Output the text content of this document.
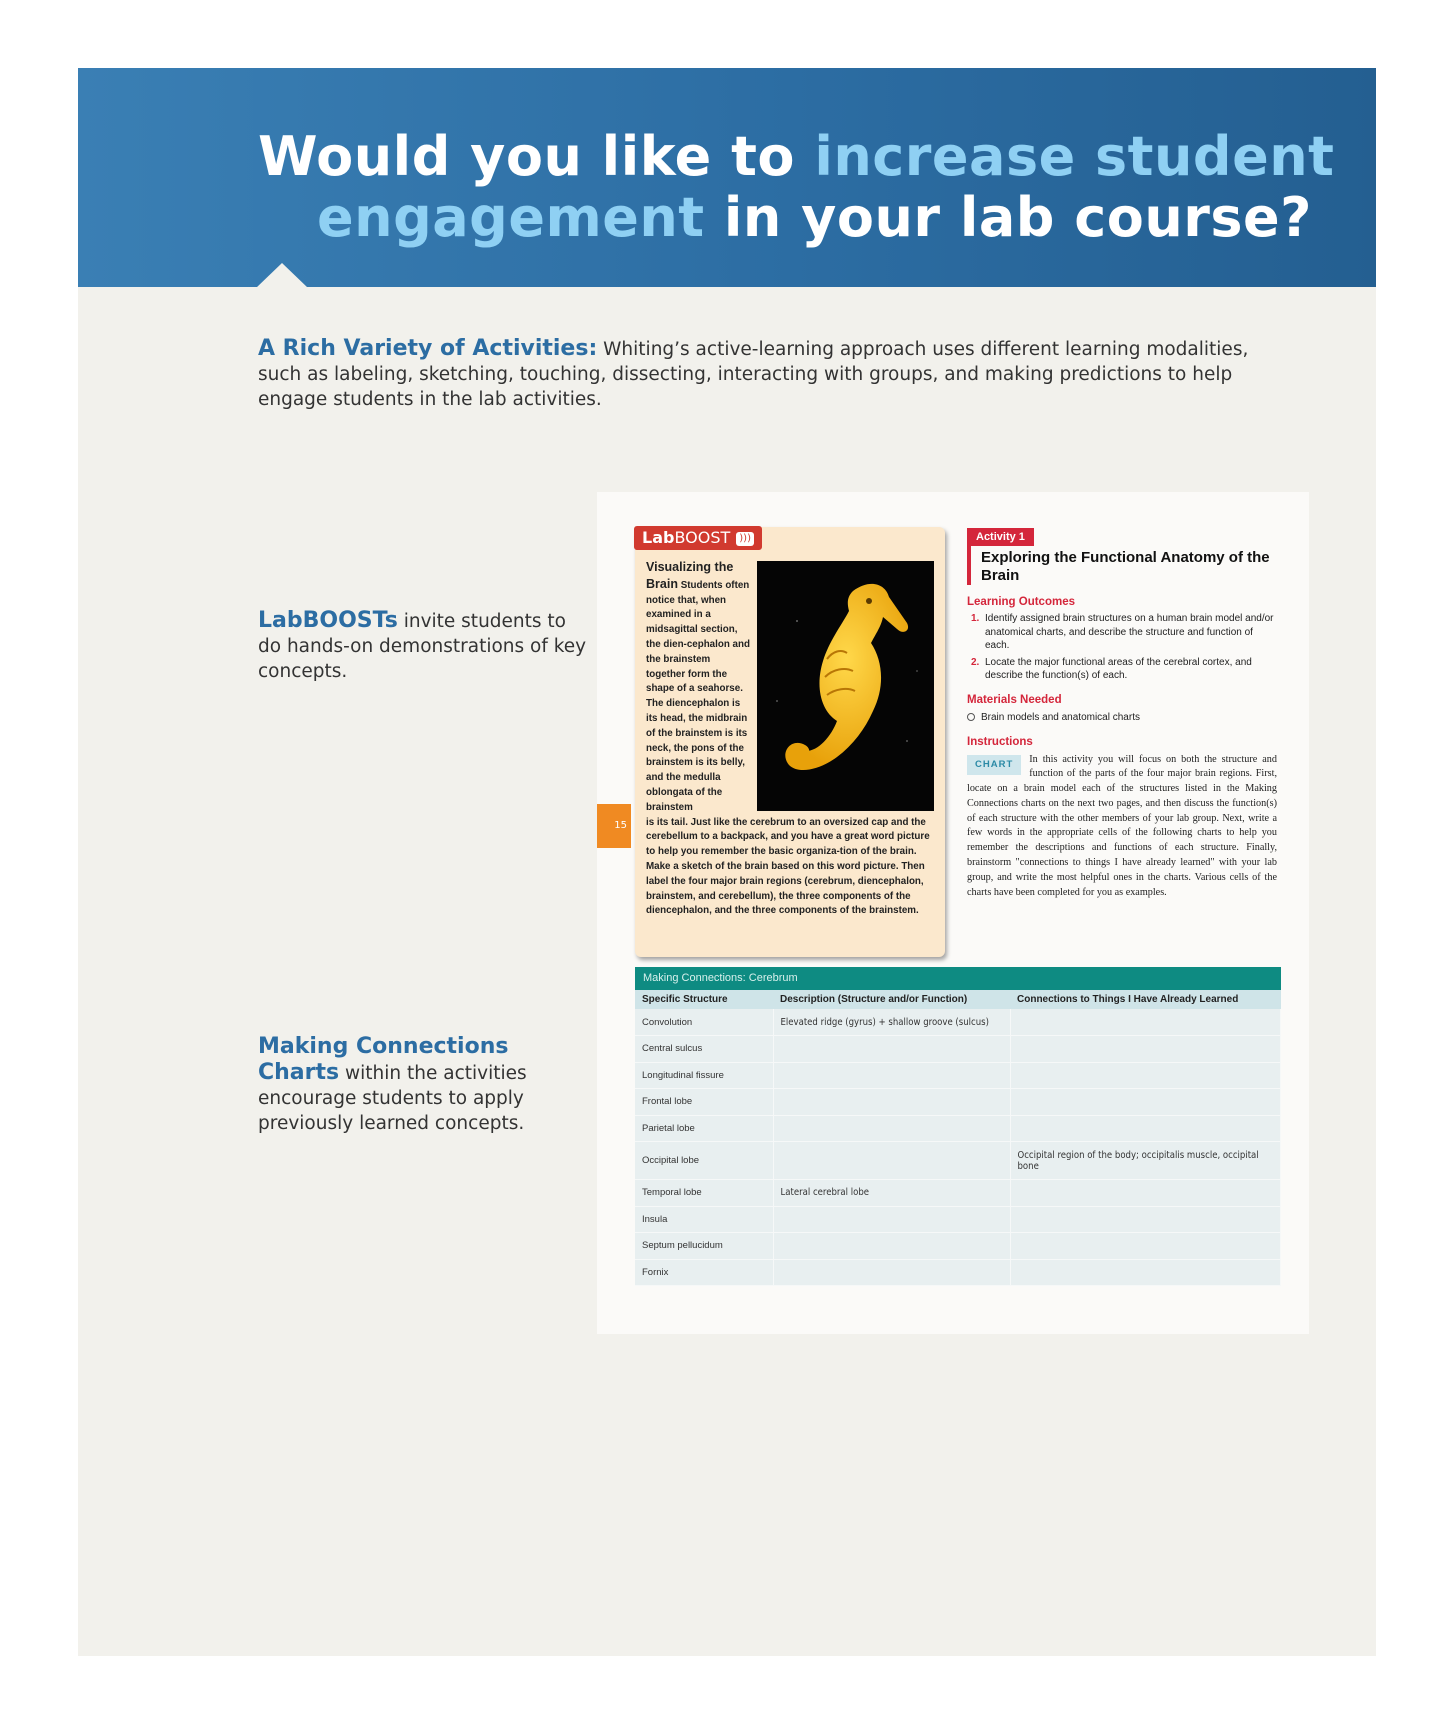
Would you like to increase student
engagement in your lab course?

A Rich Variety of Activities: Whiting’s active-learning approach uses different learning modalities, such as labeling, sketching, touching, dissecting, interacting with groups, and making predictions to help engage students in the lab activities.

LabBOOSTs invite students to do hands-on demonstrations of key concepts.

Making Connections
Charts within the activities encourage students to apply previously learned concepts.

15
LabBOOST )))
Visualizing the Brain Students often notice that, when examined in a midsagittal section, the dien-cephalon and the brainstem together form the shape of a seahorse. The diencephalon is its head, the midbrain of the brainstem is its neck, the pons of the brainstem is its belly, and the medulla oblongata of the brainstem
is its tail. Just like the cerebrum to an oversized cap and the cerebellum to a backpack, and you have a great word picture to help you remember the basic organiza-tion of the brain. Make a sketch of the brain based on this word picture. Then label the four major brain regions (cerebrum, diencephalon, brainstem, and cerebellum), the three components of the diencephalon, and the three components of the brainstem.
Activity 1
Exploring the Functional Anatomy of the Brain
Learning Outcomes
1. Identify assigned brain structures on a human brain model and/or anatomical charts, and describe the structure and function of each.
2. Locate the major functional areas of the cerebral cortex, and describe the function(s) of each.
Materials Needed
Brain models and anatomical charts
Instructions
CHART	In this activity you will focus on both the structure and function of the parts of the four major brain regions. First, locate on a brain model each of the structures listed in the Making Connections charts on the next two pages, and then discuss the function(s) of each structure with the other members of your lab group. Next, write a few words in the appropriate cells of the following charts to help you remember the descriptions and functions of each structure. Finally, brainstorm "connections to things I have already learned" with your lab group, and write the most helpful ones in the charts. Various cells of the charts have been completed for you as examples.
Making Connections: Cerebrum
Specific Structure	Description (Structure and/or Function)	Connections to Things I Have Already Learned
Convolution	Elevated ridge (gyrus) + shallow groove (sulcus)	
Central sulcus		
Longitudinal fissure		
Frontal lobe		
Parietal lobe		
Occipital lobe		Occipital region of the body; occipitalis muscle, occipital bone
Temporal lobe	Lateral cerebral lobe	
Insula		
Septum pellucidum		
Fornix		
